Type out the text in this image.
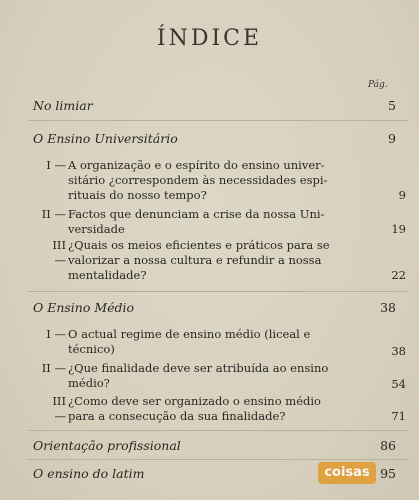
ÍNDICE
Pág.
No limiar	5
O Ensino Universitário	9
I — A organização e o espírito do ensino univer-
sitário ¿correspondem às necessidades espi-
rituais do nosso tempo?	9
II — Factos que denunciam a crise da nossa Uni-
versidade	19
III —
¿Quais os meios eficientes e práticos para se
valorizar a nossa cultura e refundir a nossa
mentalidade?	22
O Ensino Médio	38
I — O actual regime de ensino médio (liceal e
técnico)	38
II — ¿Que finalidade deve ser atribuída ao ensino
médio?	54
III —
¿Como deve ser organizado o ensino médio
para a consecução da sua finalidade?	71
Orientação profissional	86
O ensino do latim	95
coisas
